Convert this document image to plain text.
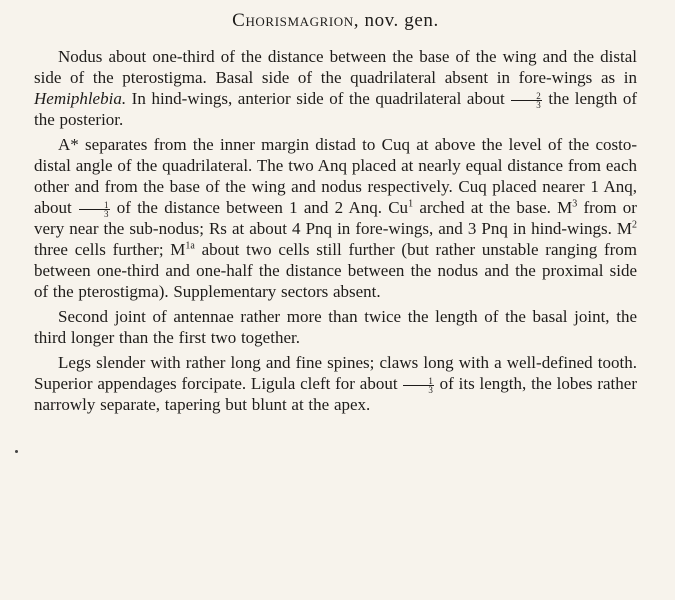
Chorismagrion, nov. gen.

Nodus about one-third of the distance between the base of the wing and the distal side of the pterostigma. Basal side of the quadrilateral absent in fore-wings as in Hemiphlebia. In hind-wings, anterior side of the quadrilateral about $\frac{2}{3}$ the length of the posterior.

A* separates from the inner margin distad to Cuq at above the level of the costo-distal angle of the quadrilateral. The two Anq placed at nearly equal distance from each other and from the base of the wing and nodus respectively. Cuq placed nearer 1 Anq, about $\frac{1}{3}$ of the distance between 1 and 2 Anq. Cu$^1$ arched at the base. $M^3$ from or very near the sub-nodus; Rs at about 4 Pnq in fore-wings, and 3 Pnq in hind-wings. $M^2$ three cells further; $M^{1a}$ about two cells still further (but rather unstable ranging from between one-third and one-half the distance between the nodus and the proximal side of the pterostigma). Supplementary sectors absent.

Second joint of antennae rather more than twice the length of the basal joint, the third longer than the first two together.

Legs slender with rather long and fine spines; claws long with a well-defined tooth. Superior appendages forcipate. Ligula cleft for about $\frac{1}{3}$ of its length, the lobes rather narrowly separate, tapering but blunt at the apex.
